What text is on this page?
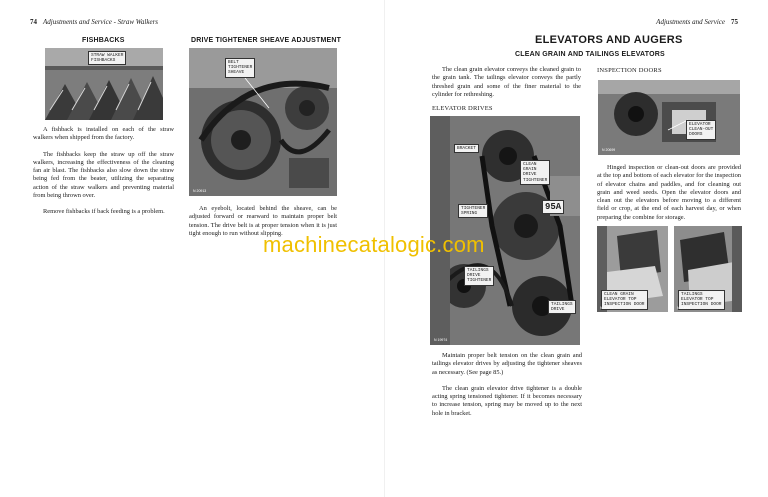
74 Adjustments and Service - Straw Walkers
FISHBACKS
STRAW WALKER
FISHBACKS

A fishback is installed on each of the straw walkers when shipped from the factory.

The fishbacks keep the straw up off the straw walkers, increasing the effectiveness of the cleaning fan air blast. The fishbacks also slow down the straw being fed from the beater, utilizing the separating action of the straw walkers and preventing material from being thrown over.

Remove fishbacks if back feeding is a problem.

DRIVE TIGHTENER SHEAVE ADJUSTMENT
BELT
TIGHTENER
SHEAVE
N 20913

An eyebolt, located behind the sheave, can be adjusted forward or rearward to maintain proper belt tension. The drive belt is at proper tension when it is just tight enough to run without slipping.

Adjustments and Service 75
ELEVATORS AND AUGERS
CLEAN GRAIN AND TAILINGS ELEVATORS

The clean grain elevator conveys the cleaned grain to the grain tank. The tailings elevator conveys the partly threshed grain and some of the finer material to the cylinder for rethreshing.

ELEVATOR DRIVES
BRACKET
CLEAN
GRAIN
DRIVE
TIGHTENER
TIGHTENER
SPRING
95A
TAILINGS
DRIVE
TIGHTENER
TAILINGS
DRIVE
N 19974

Maintain proper belt tension on the clean grain and tailings elevator drives by adjusting the tightener sheaves as necessary. (See page 85.)

The clean grain elevator drive tightener is a double acting spring tensioned tightener. If it becomes necessary to increase tension, spring may be moved up to the next hole in bracket.

INSPECTION DOORS
ELEVATOR
CLEAN-OUT
DOORS
N 20699

Hinged inspection or clean-out doors are provided at the top and bottom of each elevator for the inspection of elevator chains and paddles, and for cleaning out grain and weed seeds. Open the elevator doors and clean out the elevators before moving to a different field or crop, at the end of each harvest day, or when preparing the combine for storage.

CLEAN GRAIN
ELEVATOR TOP
INSPECTION DOOR
N 20993
TAILINGS
ELEVATOR TOP
INSPECTION DOOR
N 20994
machinecatalogic.com
